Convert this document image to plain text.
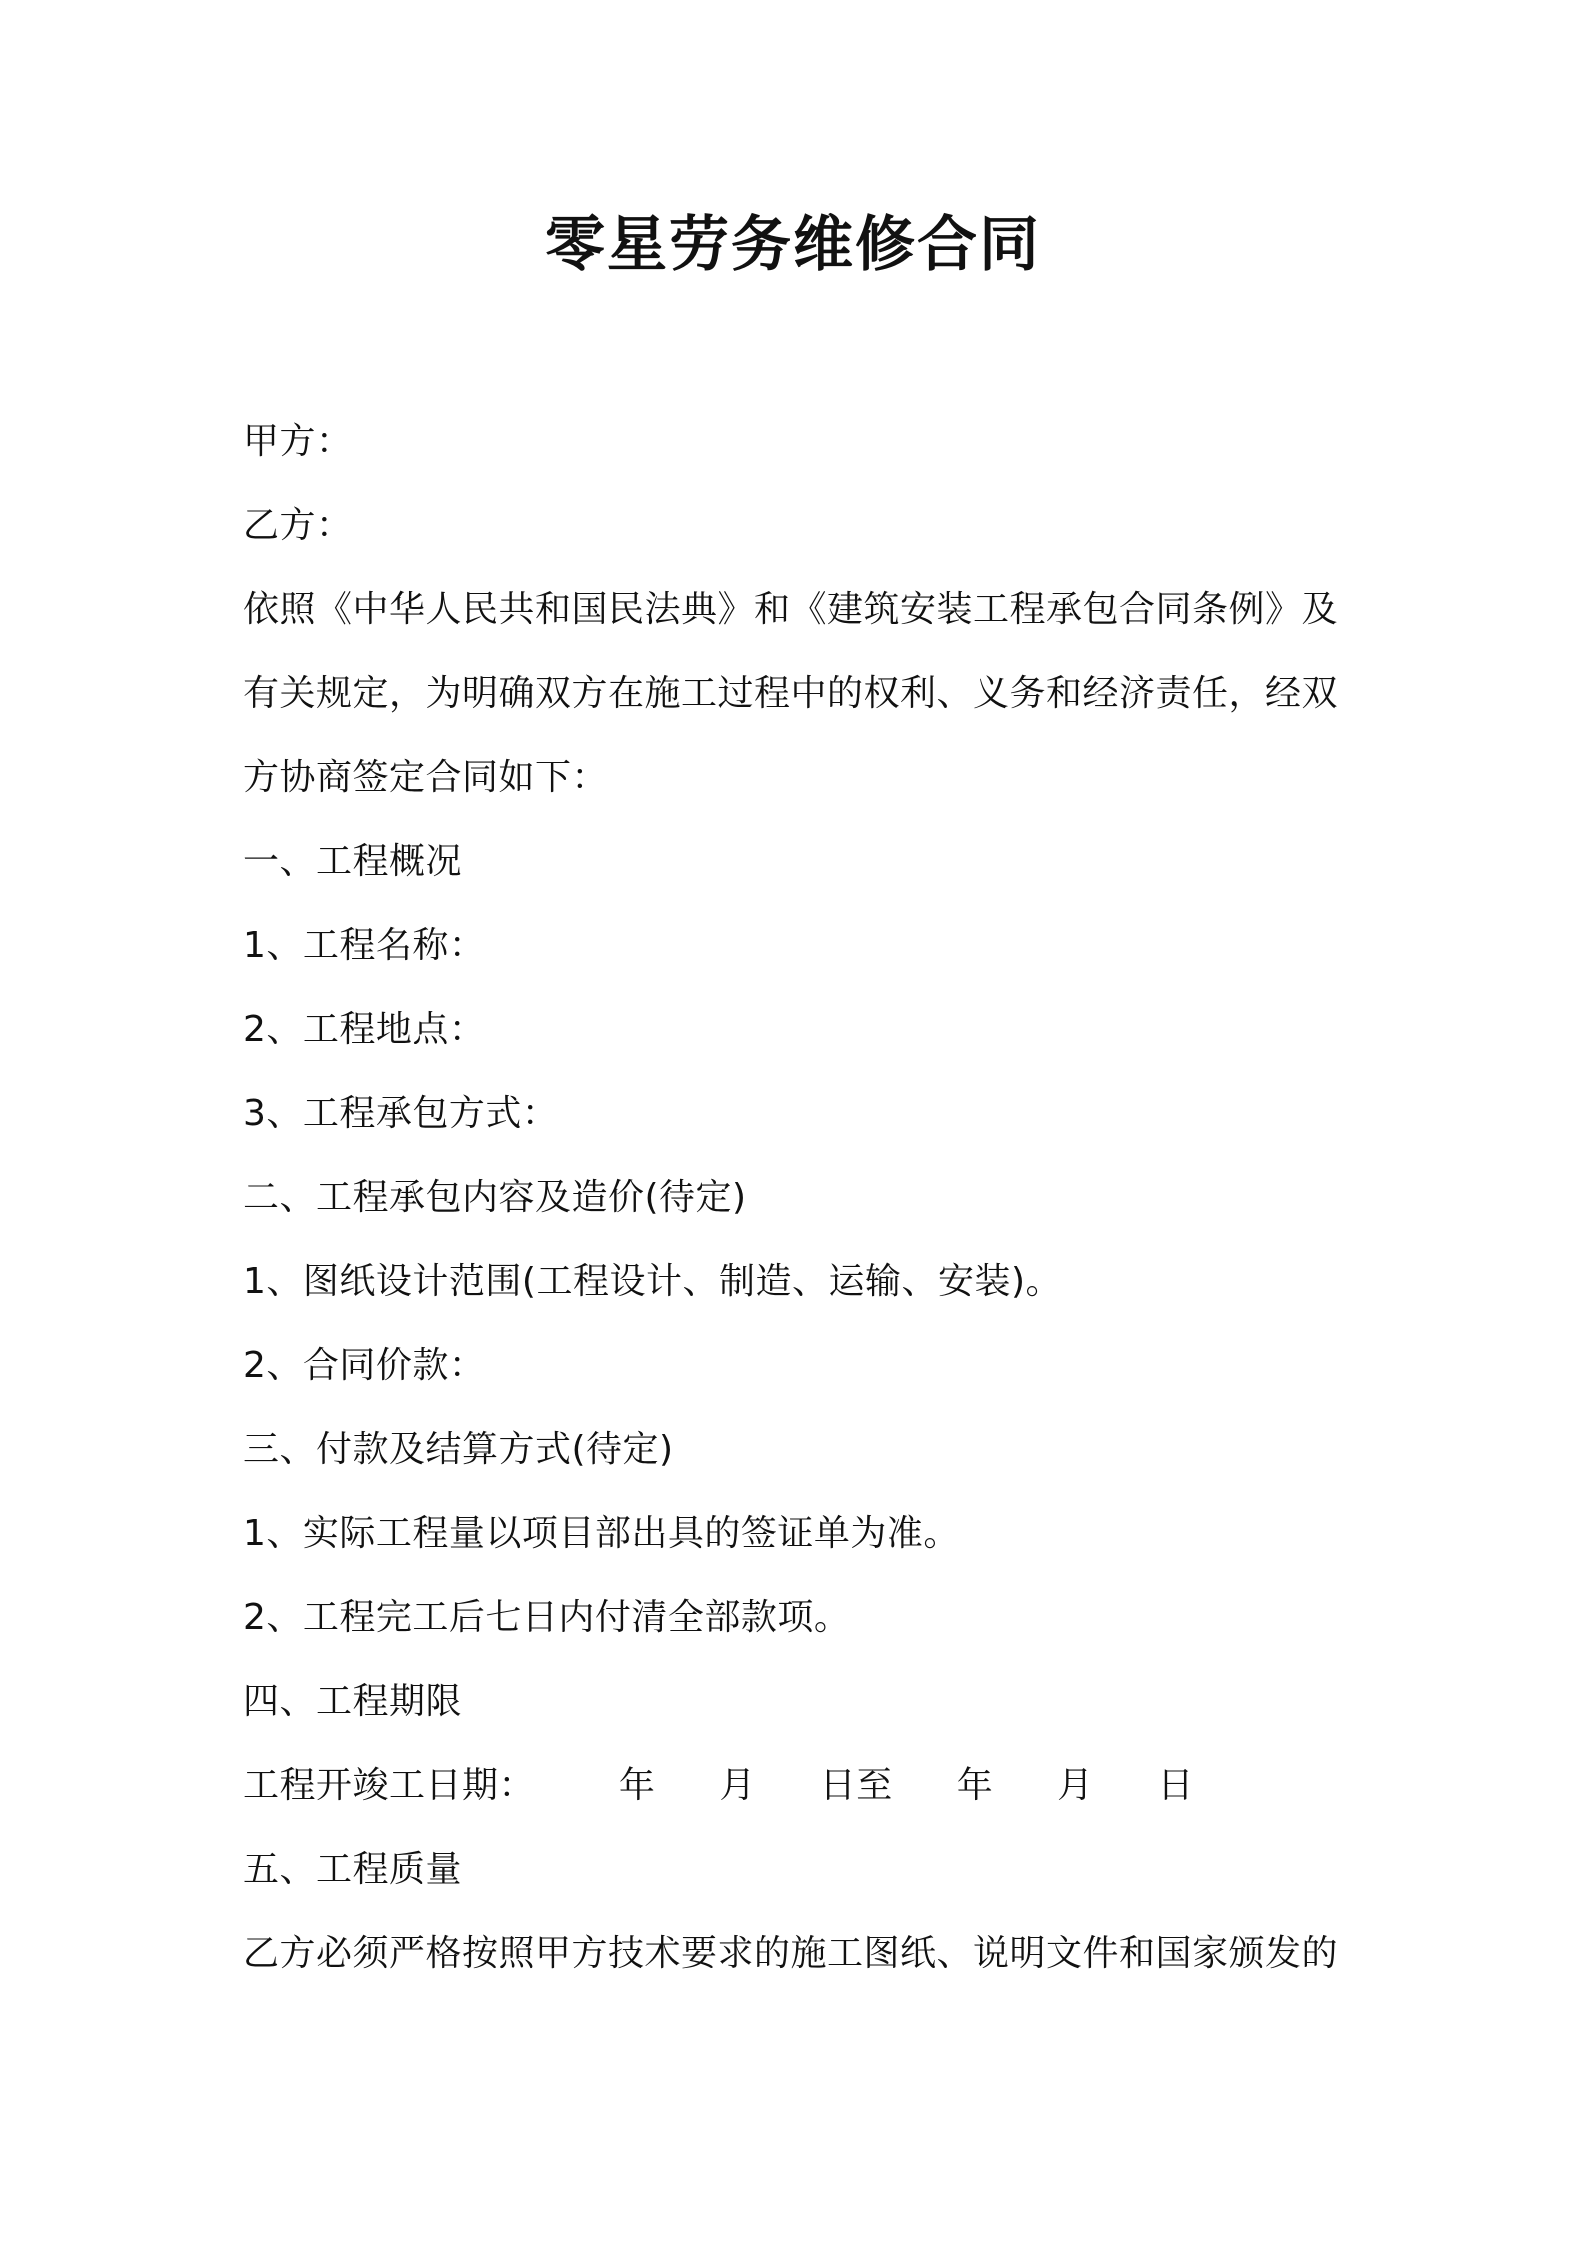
零星劳务维修合同
甲方：
乙方：
依照《中华人民共和国民法典》和《建筑安装工程承包合同条例》及
有关规定，为明确双方在施工过程中的权利、义务和经济责任，经双
方协商签定合同如下：
一、工程概况
1、工程名称：
2、工程地点：
3、工程承包方式：
二、工程承包内容及造价(待定)
1、图纸设计范围(工程设计、制造、运输、安装)。
2、合同价款：
三、付款及结算方式(待定)
1、实际工程量以项目部出具的签证单为准。
2、工程完工后七日内付清全部款项。
四、工程期限
工程开竣工日期： 年 月 日至 年 月 日
五、工程质量
乙方必须严格按照甲方技术要求的施工图纸、说明文件和国家颁发的
